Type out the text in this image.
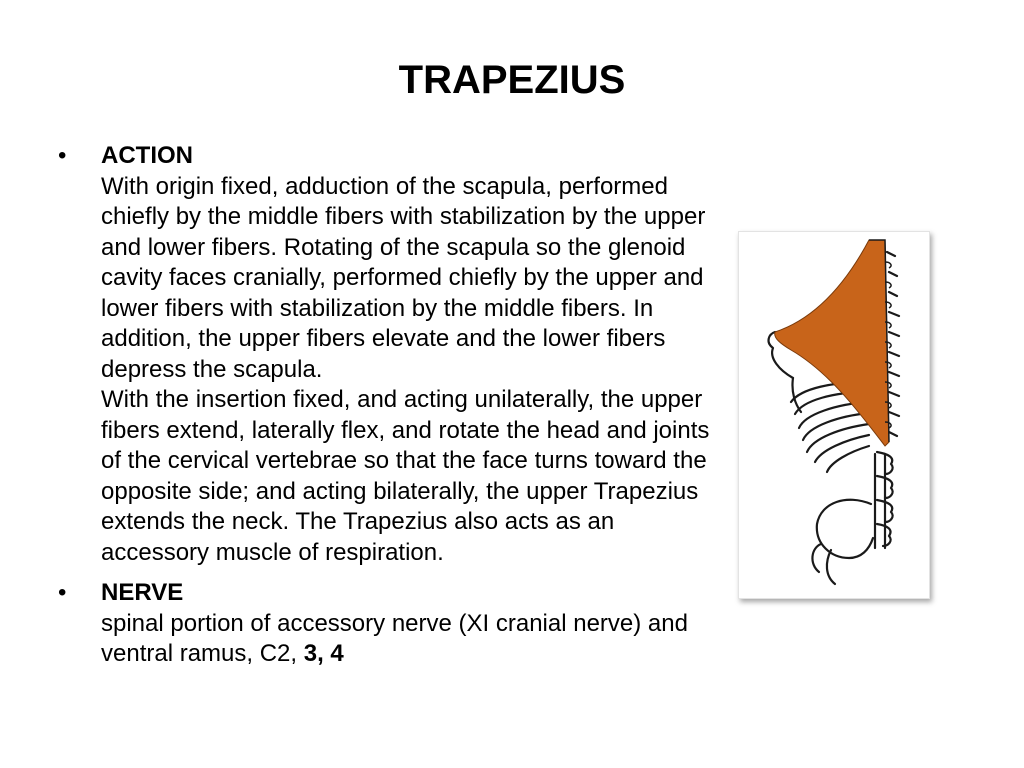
TRAPEZIUS
• ACTION
With origin fixed, adduction of the scapula, performed chiefly by the middle fibers with stabilization by the upper and lower fibers. Rotating of the scapula so the glenoid cavity faces cranially, performed chiefly by the upper and lower fibers with stabilization by the middle fibers. In addition, the upper fibers elevate and the lower fibers depress the scapula.
With the insertion fixed, and acting unilaterally, the upper fibers extend, laterally flex, and rotate the head and joints of the cervical vertebrae so that the face turns toward the opposite side; and acting bilaterally, the upper Trapezius extends the neck. The Trapezius also acts as an accessory muscle of respiration.
• NERVE
spinal portion of accessory nerve (XI cranial nerve) and ventral ramus, C2, 3, 4
